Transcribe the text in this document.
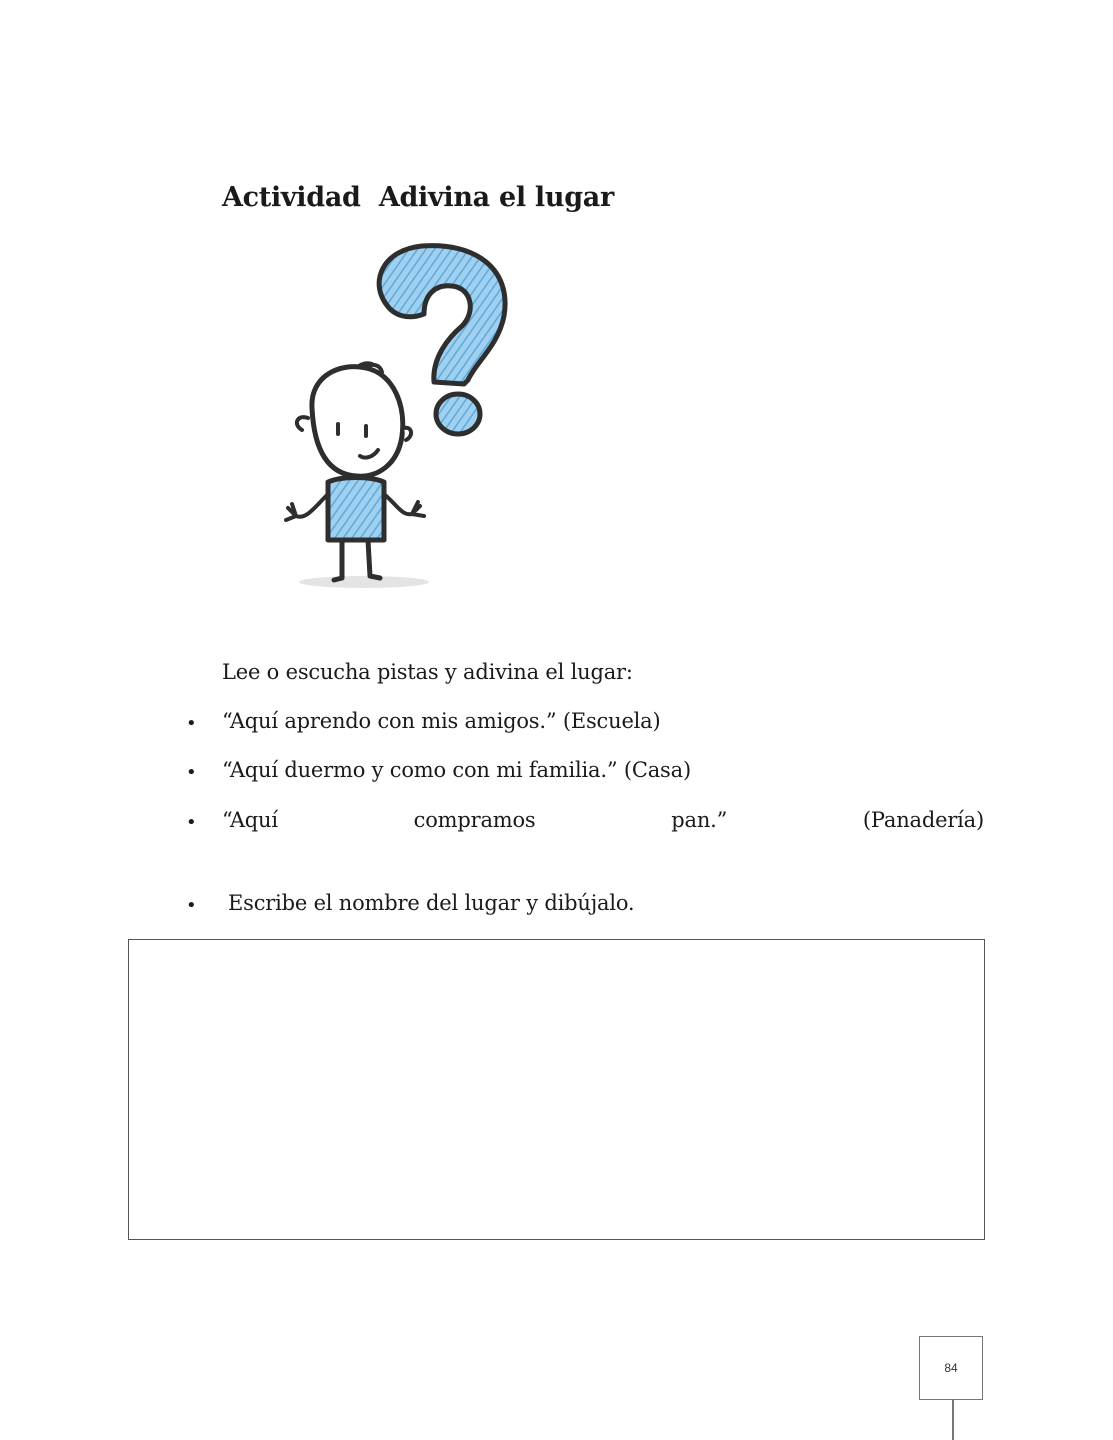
Actividad  Adivina el lugar

Lee o escucha pistas y adivina el lugar:

• “Aquí aprendo con mis amigos.” (Escuela)
• “Aquí duermo y como con mi familia.” (Casa)
• “Aquí	compramos	pan.”	(Panadería)
• Escribe el nombre del lugar y dibújalo.
84
